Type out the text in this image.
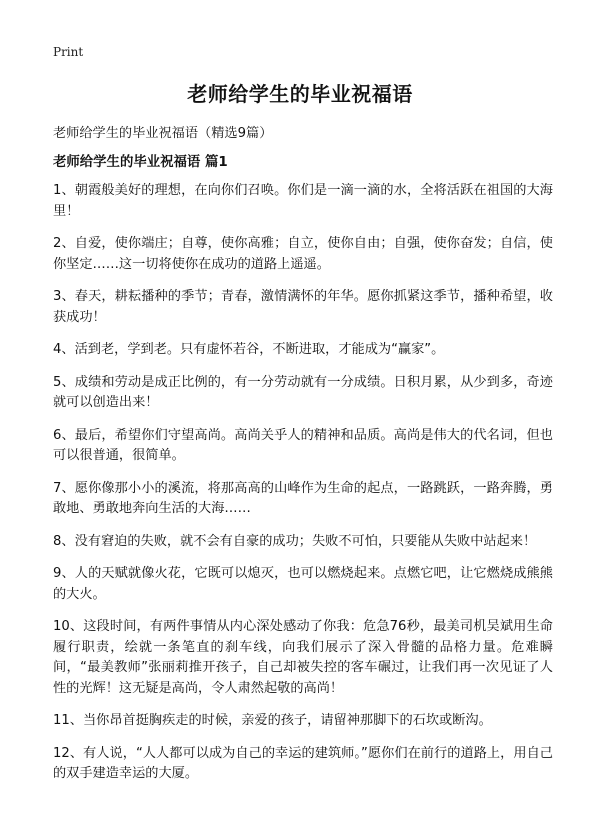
Print
老师给学生的毕业祝福语
老师给学生的毕业祝福语（精选9篇）
老师给学生的毕业祝福语 篇1

1、朝霞般美好的理想，在向你们召唤。你们是一滴一滴的水，全将活跃在祖国的大海里！

2、自爱，使你端庄；自尊，使你高雅；自立，使你自由；自强，使你奋发；自信，使你坚定……这一切将使你在成功的道路上遥遥。

3、春天，耕耘播种的季节；青春，激情满怀的年华。愿你抓紧这季节，播种希望，收获成功！

4、活到老，学到老。只有虚怀若谷，不断进取，才能成为“赢家”。

5、成绩和劳动是成正比例的，有一分劳动就有一分成绩。日积月累，从少到多，奇迹就可以创造出来！

6、最后，希望你们守望高尚。高尚关乎人的精神和品质。高尚是伟大的代名词，但也可以很普通，很简单。

7、愿你像那小小的溪流，将那高高的山峰作为生命的起点，一路跳跃，一路奔腾，勇敢地、勇敢地奔向生活的大海……

8、没有窘迫的失败，就不会有自豪的成功；失败不可怕，只要能从失败中站起来！

9、人的天赋就像火花，它既可以熄灭，也可以燃烧起来。点燃它吧，让它燃烧成熊熊的大火。

10、这段时间，有两件事情从内心深处感动了你我：危急76秒，最美司机吴斌用生命履行职责，绘就一条笔直的刹车线，向我们展示了深入骨髓的品格力量。危难瞬间，“最美教师”张丽莉推开孩子，自己却被失控的客车碾过，让我们再一次见证了人性的光辉！这无疑是高尚，令人肃然起敬的高尚！

11、当你昂首挺胸疾走的时候，亲爱的孩子，请留神那脚下的石坎或断沟。

12、有人说，“人人都可以成为自己的幸运的建筑师。”愿你们在前行的道路上，用自己的双手建造幸运的大厦。
